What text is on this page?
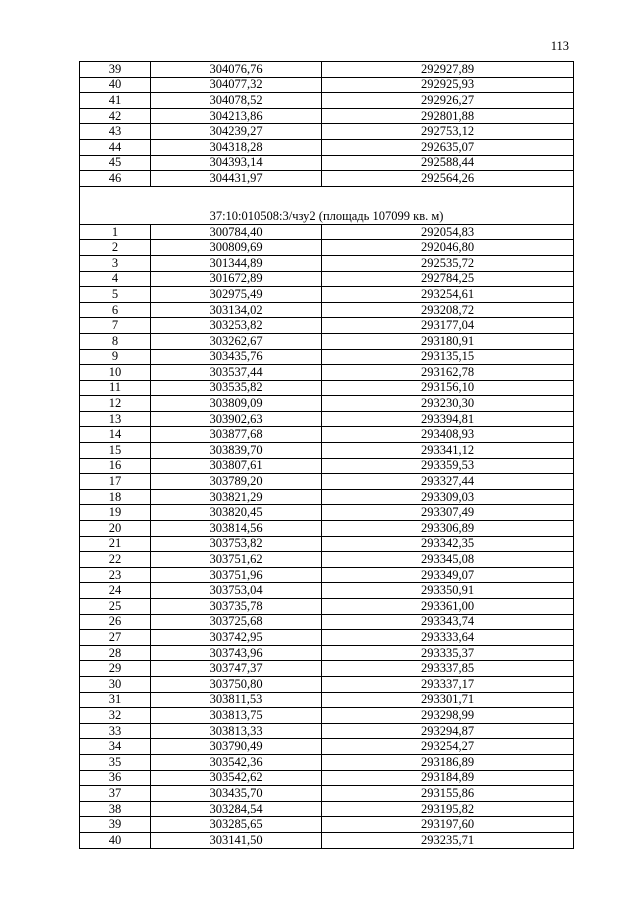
113
39	304076,76	292927,89
40	304077,32	292925,93
41	304078,52	292926,27
42	304213,86	292801,88
43	304239,27	292753,12
44	304318,28	292635,07
45	304393,14	292588,44
46	304431,97	292564,26
37:10:010508:3/чзу2 (площадь 107099 кв. м)		
1	300784,40	292054,83
2	300809,69	292046,80
3	301344,89	292535,72
4	301672,89	292784,25
5	302975,49	293254,61
6	303134,02	293208,72
7	303253,82	293177,04
8	303262,67	293180,91
9	303435,76	293135,15
10	303537,44	293162,78
11	303535,82	293156,10
12	303809,09	293230,30
13	303902,63	293394,81
14	303877,68	293408,93
15	303839,70	293341,12
16	303807,61	293359,53
17	303789,20	293327,44
18	303821,29	293309,03
19	303820,45	293307,49
20	303814,56	293306,89
21	303753,82	293342,35
22	303751,62	293345,08
23	303751,96	293349,07
24	303753,04	293350,91
25	303735,78	293361,00
26	303725,68	293343,74
27	303742,95	293333,64
28	303743,96	293335,37
29	303747,37	293337,85
30	303750,80	293337,17
31	303811,53	293301,71
32	303813,75	293298,99
33	303813,33	293294,87
34	303790,49	293254,27
35	303542,36	293186,89
36	303542,62	293184,89
37	303435,70	293155,86
38	303284,54	293195,82
39	303285,65	293197,60
40	303141,50	293235,71
